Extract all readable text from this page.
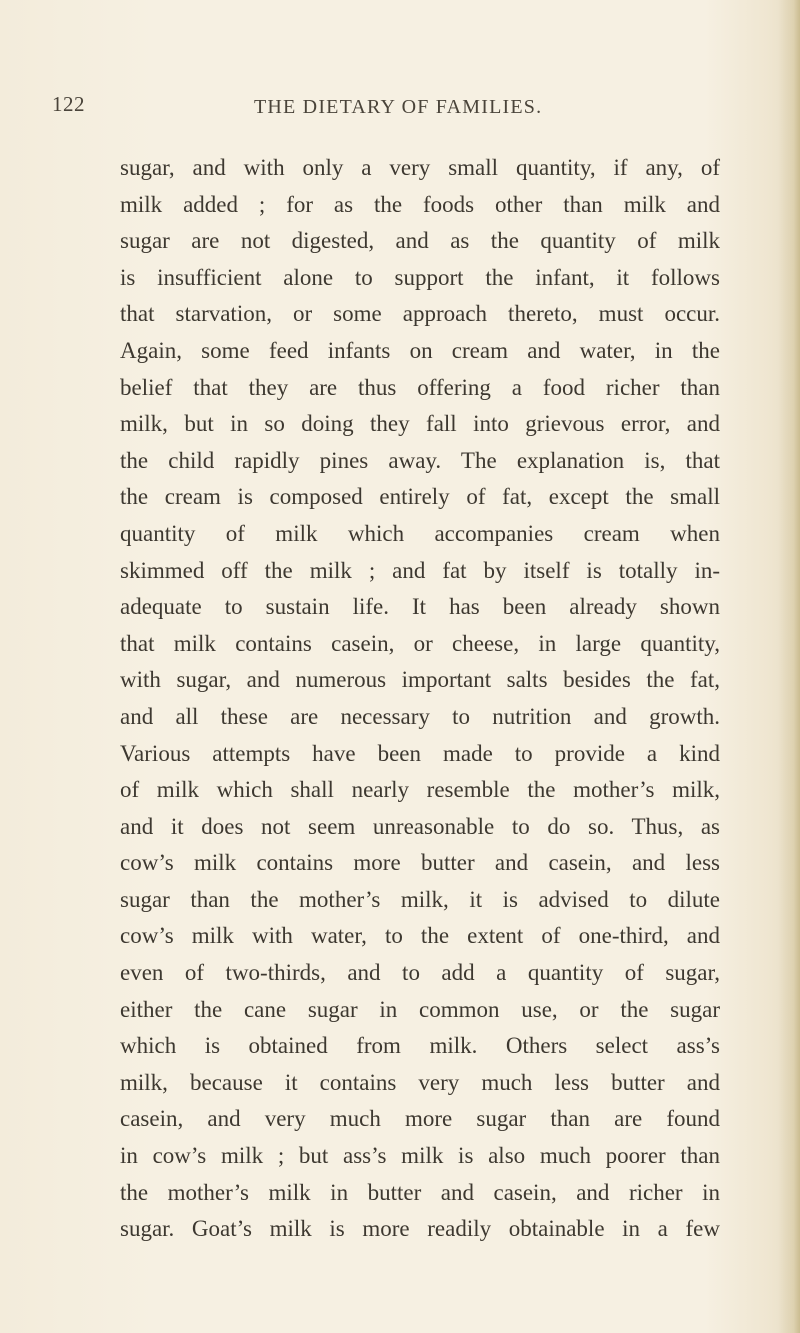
122	THE DIETARY OF FAMILIES.
sugar, and with only a very small quantity, if any, of
milk added ; for as the foods other than milk and
sugar are not digested, and as the quantity of milk
is insufficient alone to support the infant, it follows
that starvation, or some approach thereto, must occur.
Again, some feed infants on cream and water, in the
belief that they are thus offering a food richer than
milk, but in so doing they fall into grievous error, and
the child rapidly pines away. The explanation is, that
the cream is composed entirely of fat, except the small
quantity of milk which accompanies cream when
skimmed off the milk ; and fat by itself is totally in-
adequate to sustain life. It has been already shown
that milk contains casein, or cheese, in large quantity,
with sugar, and numerous important salts besides the fat,
and all these are necessary to nutrition and growth.
Various attempts have been made to provide a kind
of milk which shall nearly resemble the mother’s milk,
and it does not seem unreasonable to do so. Thus, as
cow’s milk contains more butter and casein, and less
sugar than the mother’s milk, it is advised to dilute
cow’s milk with water, to the extent of one-third, and
even of two-thirds, and to add a quantity of sugar,
either the cane sugar in common use, or the sugar
which is obtained from milk. Others select ass’s
milk, because it contains very much less butter and
casein, and very much more sugar than are found
in cow’s milk ; but ass’s milk is also much poorer than
the mother’s milk in butter and casein, and richer in
sugar. Goat’s milk is more readily obtainable in a few
